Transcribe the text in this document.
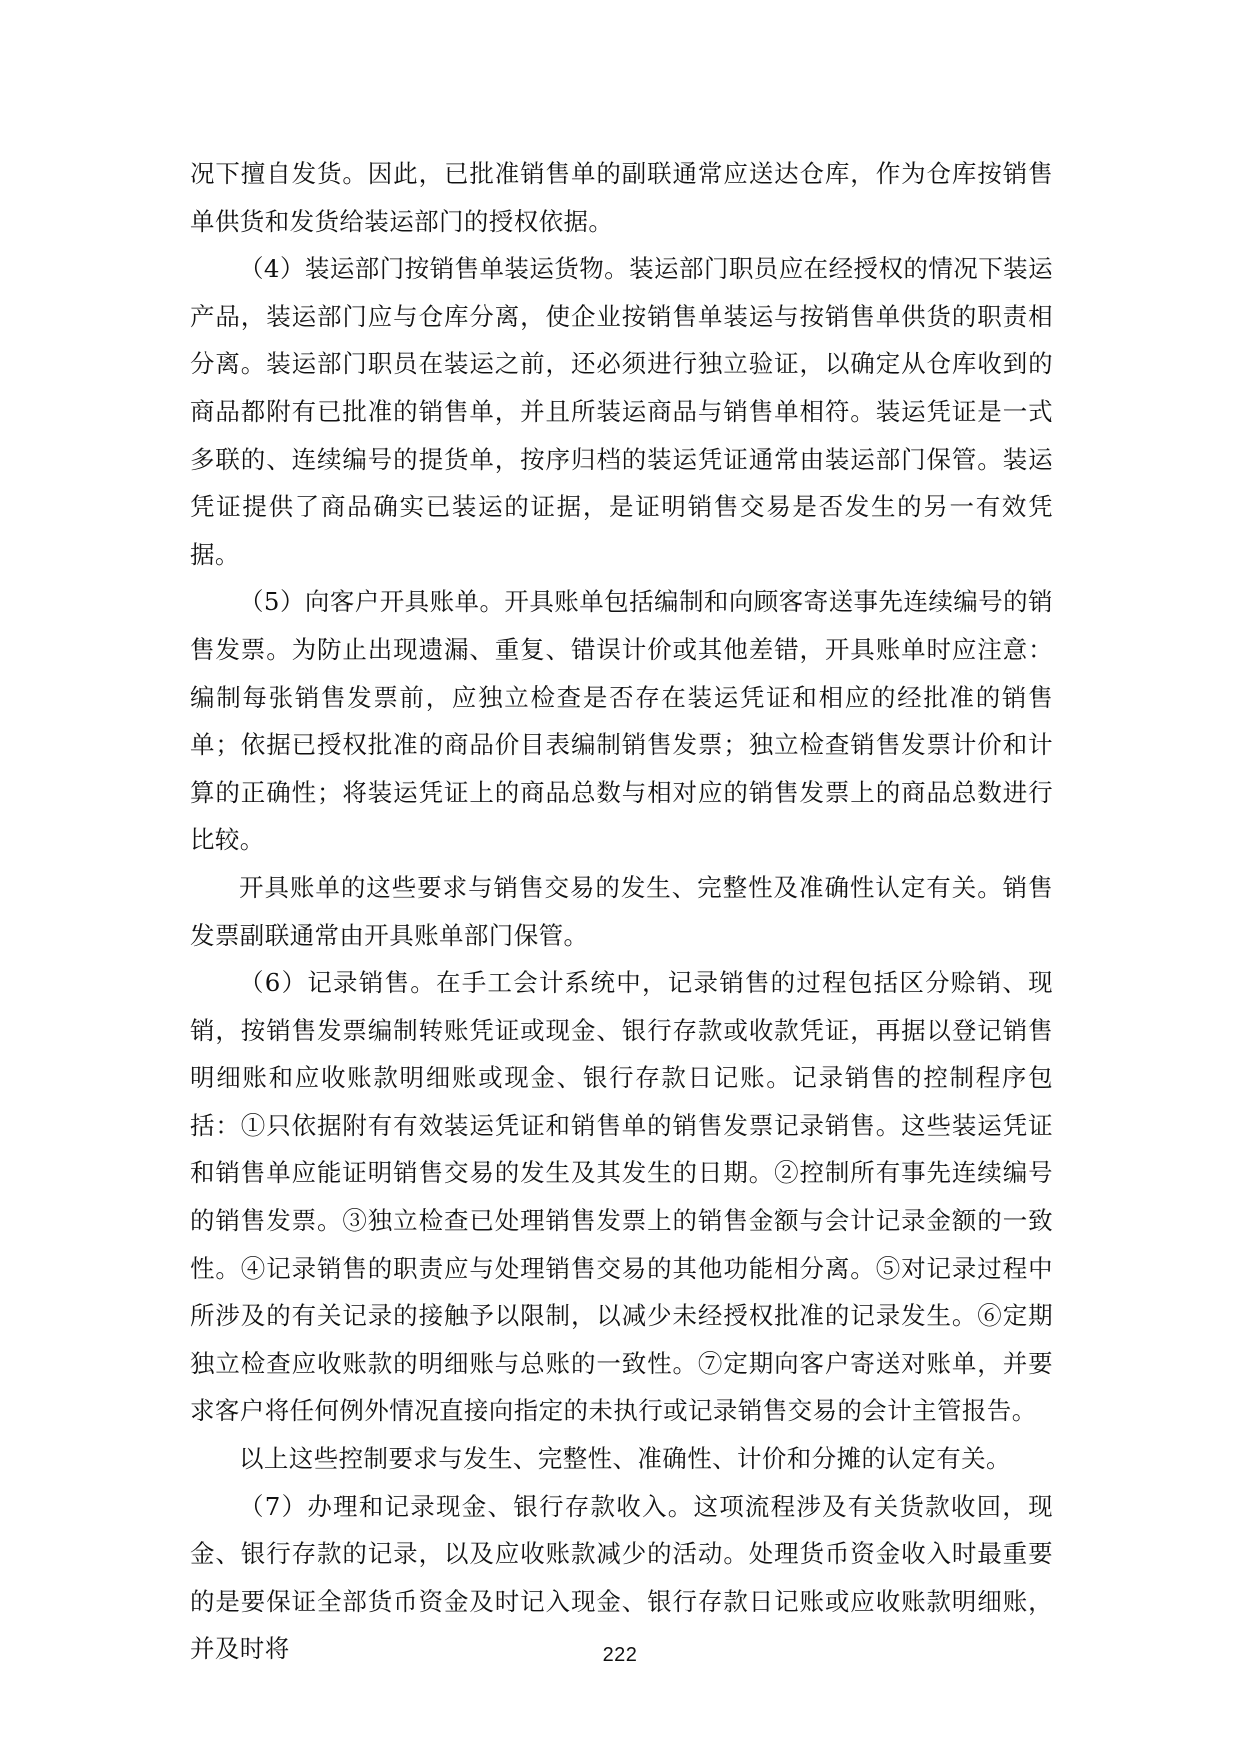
况下擅自发货。因此，已批准销售单的副联通常应送达仓库，作为仓库按销售单供货和发货给装运部门的授权依据。

（4）装运部门按销售单装运货物。装运部门职员应在经授权的情况下装运产品，装运部门应与仓库分离，使企业按销售单装运与按销售单供货的职责相分离。装运部门职员在装运之前，还必须进行独立验证，以确定从仓库收到的商品都附有已批准的销售单，并且所装运商品与销售单相符。装运凭证是一式多联的、连续编号的提货单，按序归档的装运凭证通常由装运部门保管。装运凭证提供了商品确实已装运的证据，是证明销售交易是否发生的另一有效凭据。

（5）向客户开具账单。开具账单包括编制和向顾客寄送事先连续编号的销售发票。为防止出现遗漏、重复、错误计价或其他差错，开具账单时应注意：编制每张销售发票前，应独立检查是否存在装运凭证和相应的经批准的销售单；依据已授权批准的商品价目表编制销售发票；独立检查销售发票计价和计算的正确性；将装运凭证上的商品总数与相对应的销售发票上的商品总数进行比较。

开具账单的这些要求与销售交易的发生、完整性及准确性认定有关。销售发票副联通常由开具账单部门保管。

（6）记录销售。在手工会计系统中，记录销售的过程包括区分赊销、现销，按销售发票编制转账凭证或现金、银行存款或收款凭证，再据以登记销售明细账和应收账款明细账或现金、银行存款日记账。记录销售的控制程序包括：①只依据附有有效装运凭证和销售单的销售发票记录销售。这些装运凭证和销售单应能证明销售交易的发生及其发生的日期。②控制所有事先连续编号的销售发票。③独立检查已处理销售发票上的销售金额与会计记录金额的一致性。④记录销售的职责应与处理销售交易的其他功能相分离。⑤对记录过程中所涉及的有关记录的接触予以限制，以减少未经授权批准的记录发生。⑥定期独立检查应收账款的明细账与总账的一致性。⑦定期向客户寄送对账单，并要求客户将任何例外情况直接向指定的未执行或记录销售交易的会计主管报告。

以上这些控制要求与发生、完整性、准确性、计价和分摊的认定有关。

（7）办理和记录现金、银行存款收入。这项流程涉及有关货款收回，现金、银行存款的记录，以及应收账款减少的活动。处理货币资金收入时最重要的是要保证全部货币资金及时记入现金、银行存款日记账或应收账款明细账，并及时将	222
